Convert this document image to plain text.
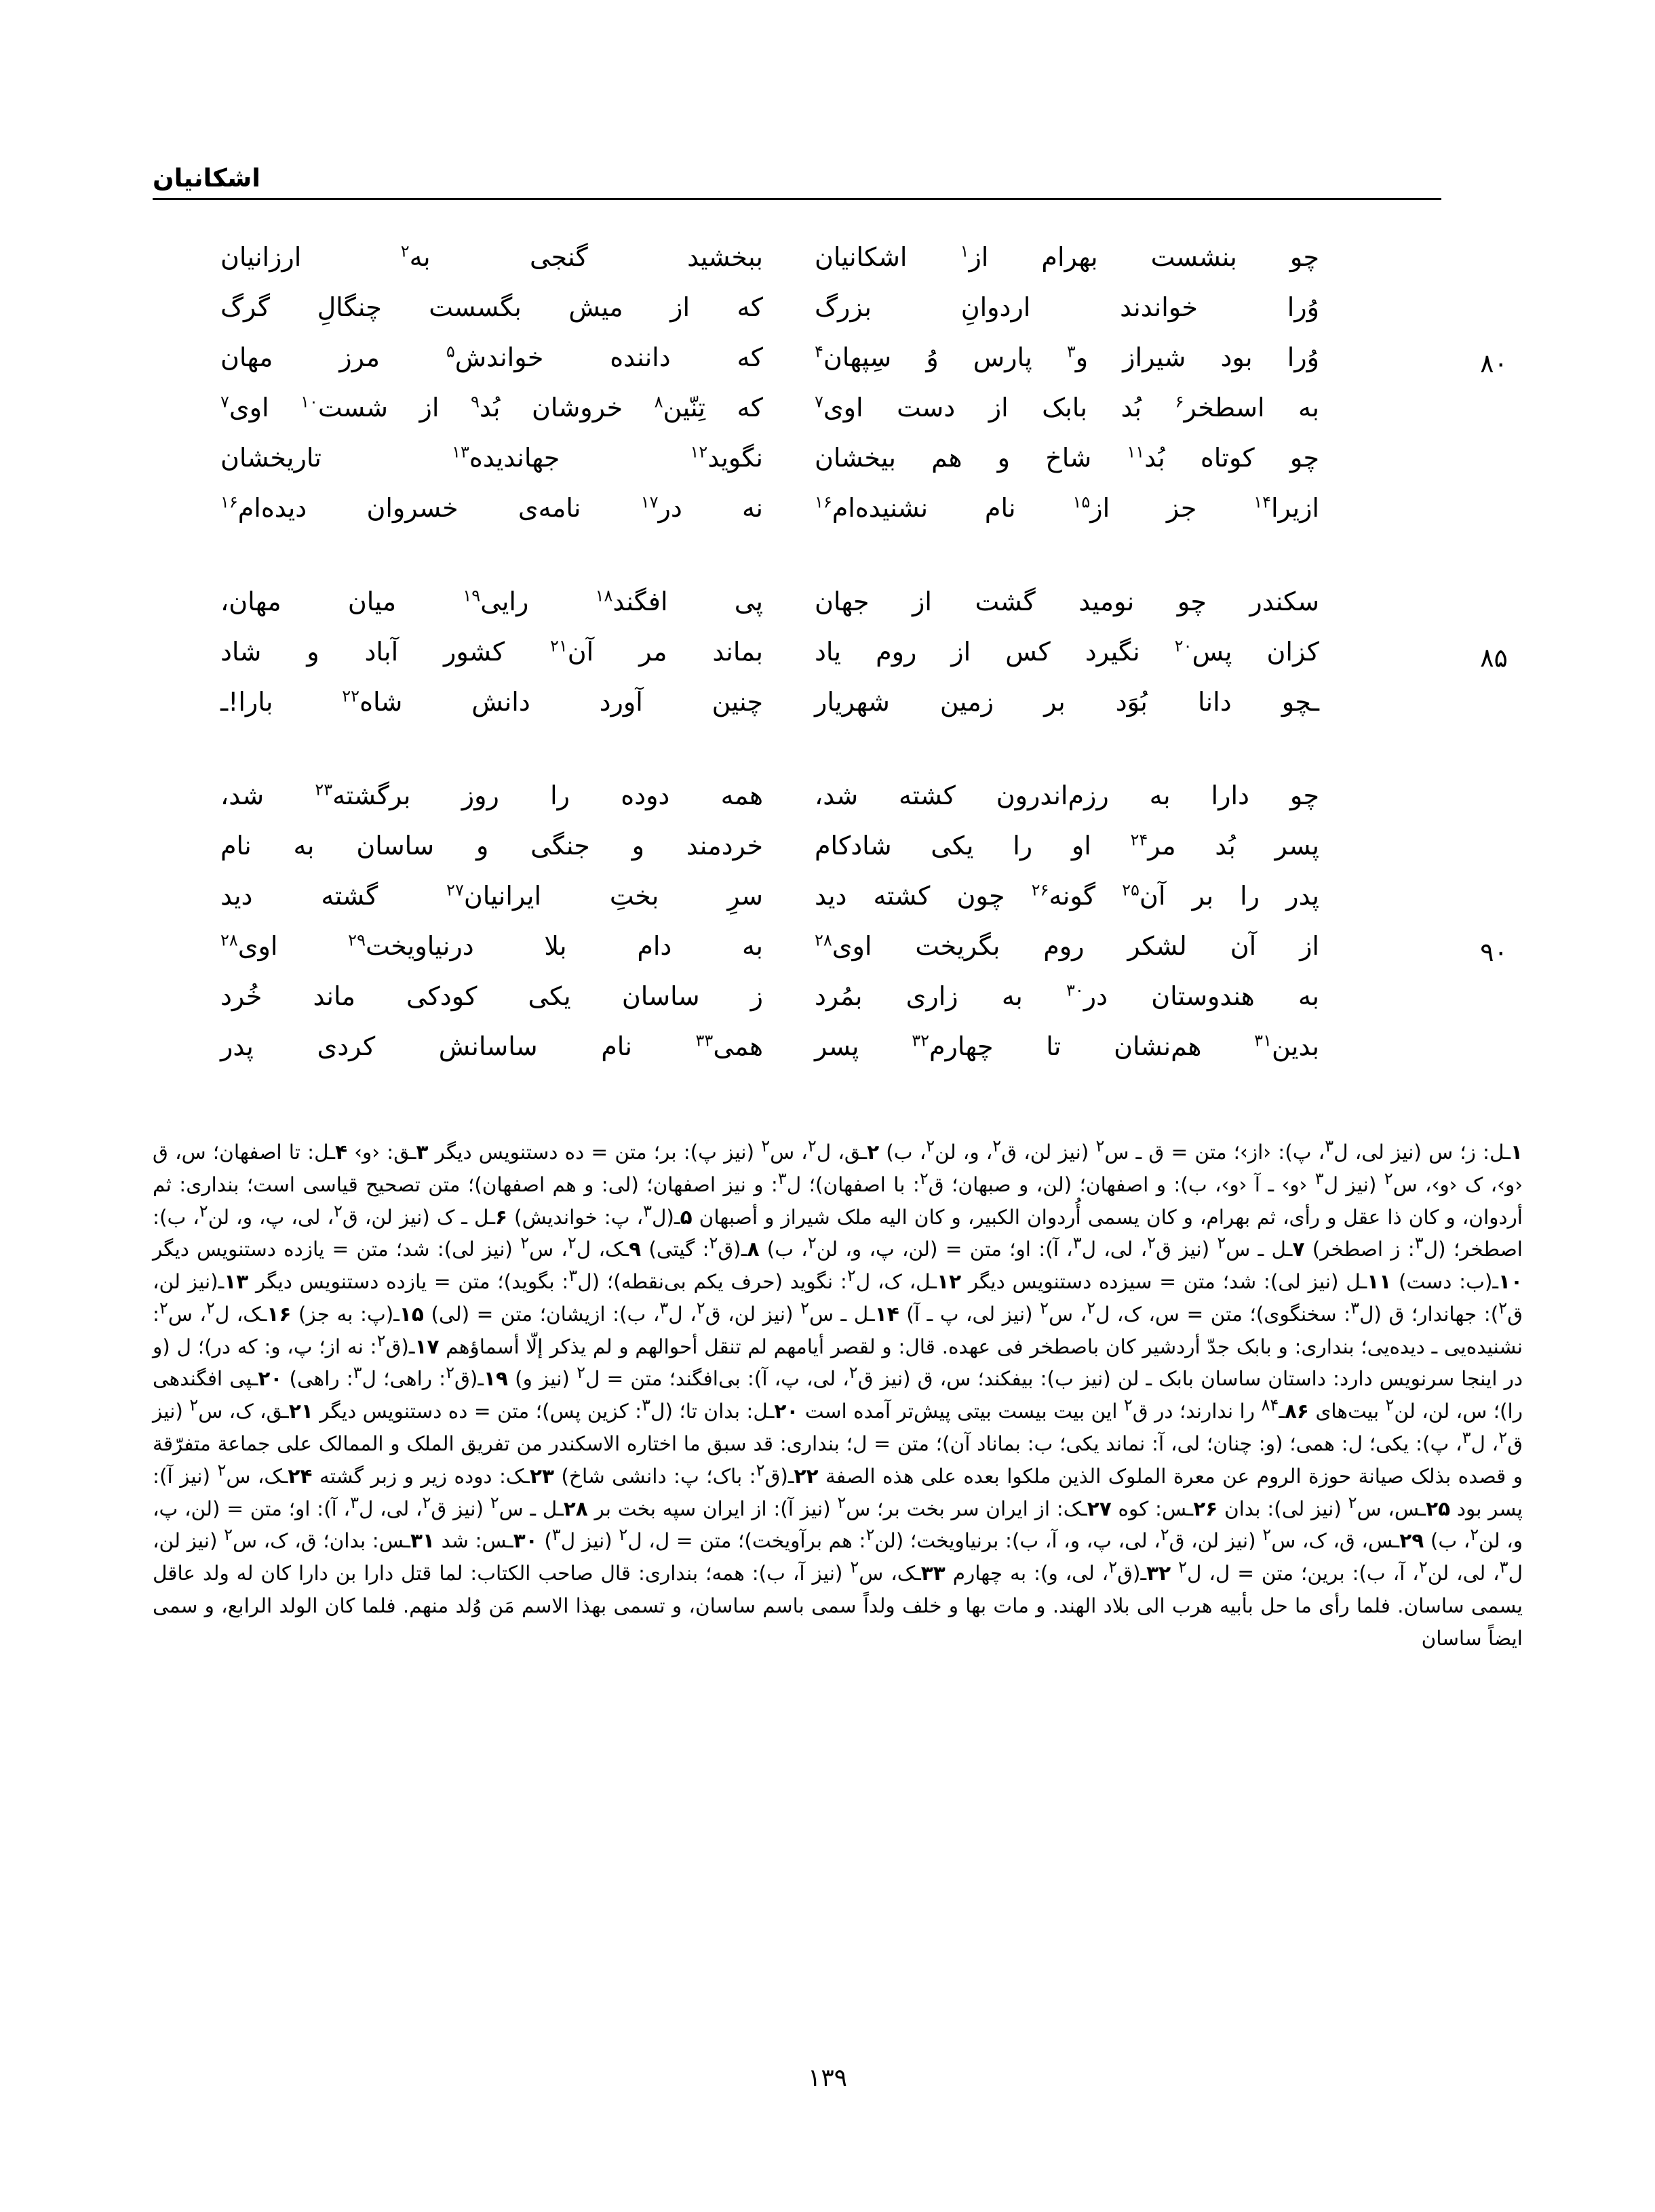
اشکانیان
چو بنشست بهرام از$^۱$ اشکانیان
ببخشید گنجی به$^۲$ ارزانیان
وُرا خواندند اردوانِ بزرگ
که از میش بگسست چنگالِ گرگ
۸۰
وُرا بود شیراز و$^۳$ پارس وُ سِپهان$^۴$
که داننده خواندش$^۵$ مرز مهان
به اسطخر$^۶$ بُد بابک از دست اوی$^۷$
که تِنّین$^۸$ خروشان بُد$^۹$ از شست$^{۱۰}$ اوی$^۷$
چو کوتاه بُد$^{۱۱}$ شاخ و هم بیخشان
نگوید$^{۱۲}$ جهاندیده$^{۱۳}$ تاریخشان
ازیرا$^{۱۴}$ جز از$^{۱۵}$ نام نشنیده‌ام$^{۱۶}$
نه در$^{۱۷}$ نامه‌ی خسروان دیده‌ام$^{۱۶}$
سکندر چو نومید گشت از جهان
پی افگند$^{۱۸}$ رایی$^{۱۹}$ میان مهان،
۸۵
کزان پس$^{۲۰}$ نگیرد کس از روم یاد
بماند مر آن$^{۲۱}$ کشور آباد و شاد
ـچو دانا بُوَد بر زمین شهریار
چنین آورد دانش شاه$^{۲۲}$ بارا!ـ
چو دارا به رزم‌اندرون کشته شد،
همه دوده را روز برگشته$^{۲۳}$ شد،
پسر بُد مر$^{۲۴}$ او را یکی شادکام
خردمند و جنگی و ساسان به نام
پدر را بر آن$^{۲۵}$ گونه$^{۲۶}$ چون کشته دید
سرِ بختِ ایرانیان$^{۲۷}$ گشته دید
۹۰
از آن لشکر روم بگریخت اوی$^{۲۸}$
به دام بلا درنیاویخت$^{۲۹}$ اوی$^{۲۸}$
به هندوستان در$^{۳۰}$ به زاری بمُرد
ز ساسان یکی کودکی ماند خُرد
بدین$^{۳۱}$ هم‌نشان تا چهارم$^{۳۲}$ پسر
همی$^{۳۳}$ نام ساسانش کردی پدر
۱ـل: ز؛ س (نیز لی، ل$^۳$، پ): ‌‹از›؛ متن = ق ـ س$^۲$ (نیز لن، ق$^۲$، و، لن$^۲$، ب) ۲ـق، ل$^۲$، س$^۲$ (نیز پ): بر؛ متن = ده دستنویس دیگر ۳ـق: ‹و› ۴ـل: تا اصفهان؛ س، ق ‹و›، ک ‹و›، س$^۲$ (نیز ل$^۳$ ‹و› ـ آ ‹و›، ب): و اصفهان؛ (لن، و صبهان؛ ق$^۲$: با اصفهان)؛ ل$^۳$: و نیز اصفهان؛ (لی: و هم اصفهان)؛ متن تصحیح قیاسی است؛ بنداری: ثم أردوان، و کان ذا عقل و رأی، ثم بهرام، و کان یسمی أُردوان الکبیر، و کان الیه ملک شیراز و أصبهان ۵ـ(ل$^۳$، پ: خواندیش) ۶ـل ـ ک (نیز لن، ق$^۲$، لی، پ، و، لن$^۲$، ب): اصطخر؛ (ل$^۳$: ز اصطخر) ۷ـل ـ س$^۲$ (نیز ق$^۲$، لی، ل$^۳$، آ): او؛ متن = (لن، پ، و، لن$^۲$، ب) ۸ـ(ق$^۲$: گیتی) ۹ـک، ل$^۲$، س$^۲$ (نیز لی): شد؛ متن = یازده دستنویس دیگر ۱۰ـ(ب: دست) ۱۱ـل (نیز لی): شد؛ متن = سیزده دستنویس دیگر ۱۲ـل، ک، ل$^۲$: نگوید (حرف یکم بی‌نقطه)؛ (ل$^۳$: بگوید)؛ متن = یازده دستنویس دیگر ۱۳ـ(نیز لن، ق$^۲$): جهاندار؛ ق (ل$^۳$: سخنگوی)؛ متن = س، ک، ل$^۲$، س$^۲$ (نیز لی، پ ـ آ) ۱۴ـل ـ س$^۲$ (نیز لن، ق$^۲$، ل$^۳$، ب): ازیشان؛ متن = (لی) ۱۵ـ(پ: به جز) ۱۶ـک، ل$^۲$، س$^۲$: نشنیده‌یی ـ دیده‌یی؛ بنداری: و بابک جدّ أردشیر کان باصطخر فی عهده. قال: و لقصر أیامهم لم تنقل أحوالهم و لم یذکر إلّا أسماؤهم ۱۷ـ(ق$^۲$: نه از؛ پ، و: که در)؛ ل (و در اینجا سرنویس دارد: داستان ساسان بابک ـ لن (نیز ب): بیفکند؛ س، ق (نیز ق$^۲$، لی، پ، آ): بی‌افگند؛ متن = ل$^۲$ (نیز و) ۱۹ـ(ق$^۲$: راهی؛ ل$^۳$: راهی) ۲۰ـپی افگندهی را)؛ س، لن، لن$^۲$ بیت‌های ۸۶ـ$^{۸۴}$ را ندارند؛ در ق$^۲$ این بیت بیست بیتی پیش‌تر آمده است ۲۰ـل: بدان تا؛ (ل$^۳$: کزین پس)؛ متن = ده دستنویس دیگر ۲۱ـق، ک، س$^۲$ (نیز ق$^۲$، ل$^۳$، پ): یکی؛ ل: همی؛ (و: چنان؛ لی، آ: نماند یکی؛ ب: بماناد آن)؛ متن = ل؛ بنداری: قد سبق ما اختاره الاسکندر من تفریق الملک و الممالک علی جماعة متفرّقة و قصده بذلک صیانة حوزة الروم عن معرة الملوک الذین ملکوا بعده علی هذه الصفة ۲۲ـ(ق$^۲$: باک؛ پ: دانشی شاخ) ۲۳ـک: دوده زیر و زبر گشته ۲۴ـک، س$^۲$ (نیز آ): پسر بود ۲۵ـس، س$^۲$ (نیز لی): بدان ۲۶ـس: کوه ۲۷ـک: از ایران سر بخت بر؛ س$^۲$ (نیز آ): از ایران سپه بخت بر ۲۸ـل ـ س$^۲$ (نیز ق$^۲$، لی، ل$^۳$، آ): او؛ متن = (لن، پ، و، لن$^۲$، ب) ۲۹ـس، ق، ک، س$^۲$ (نیز لن، ق$^۲$، لی، پ، و، آ، ب): برنیاویخت؛ (لن$^۲$: هم برآویخت)؛ متن = ل، ل$^۲$ (نیز ل$^۳$) ۳۰ـس: شد ۳۱ـس: بدان؛ ق، ک، س$^۲$ (نیز لن، ل$^۳$، لی، لن$^۲$، آ، ب): برین؛ متن = ل، ل$^۲$ ۳۲ـ(ق$^۲$، لی، و): به چهارم ۳۳ـک، س$^۲$ (نیز آ، ب): همه؛ بنداری: قال صاحب الکتاب: لما قتل دارا بن دارا کان له ولد عاقل یسمی ساسان. فلما رأی ما حل بأبیه هرب الی بلاد الهند. و مات بها و خلف ولداً سمی باسم ساسان، و تسمی بهذا الاسم مَن وُلد منهم. فلما کان الولد الرابع، و سمی ایضاً ساسان
۱۳۹
